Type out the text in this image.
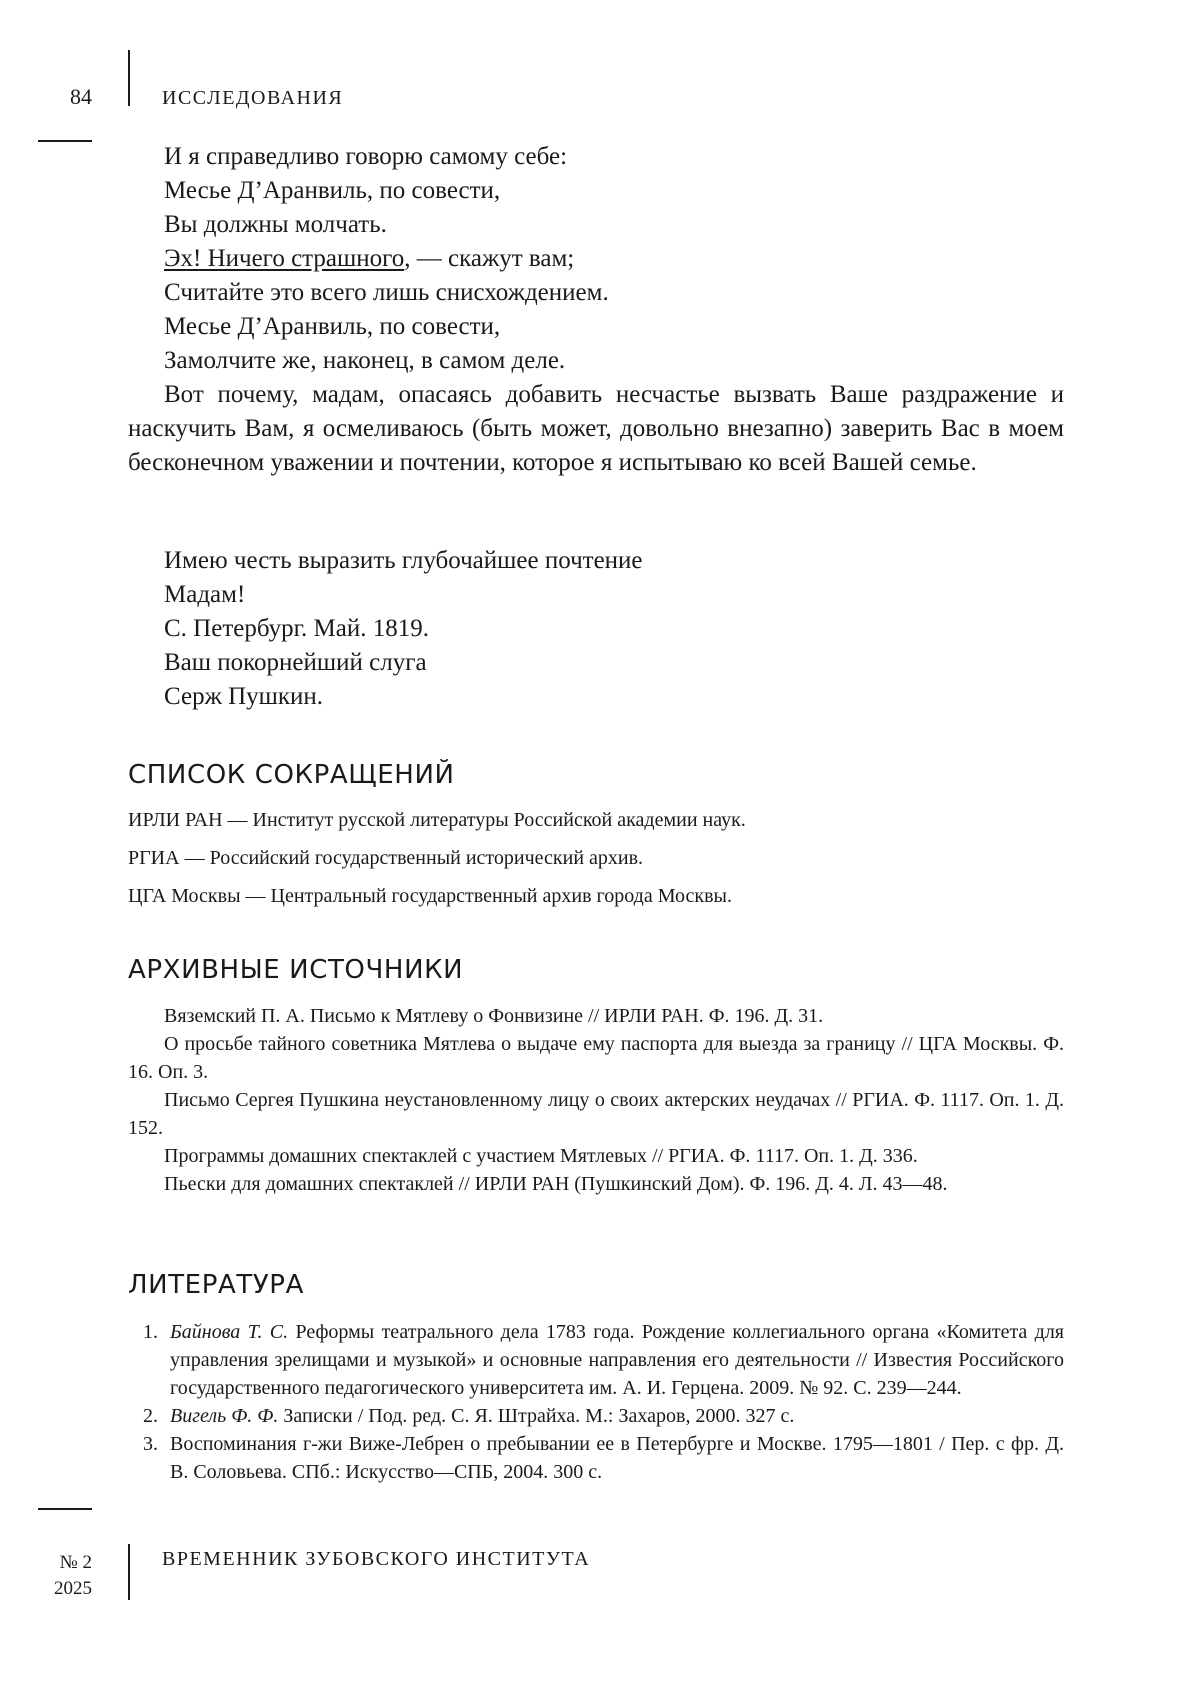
84	ИССЛЕДОВАНИЯ
И я справедливо говорю самому себе:
Месье Д’Аранвиль, по совести,
Вы должны молчать.
Эх! Ничего страшного, — скажут вам;
Считайте это всего лишь снисхождением.
Месье Д’Аранвиль, по совести,
Замолчите же, наконец, в самом деле.
Вот почему, мадам, опасаясь добавить несчастье вызвать Ваше раздражение и наскучить Вам, я осмеливаюсь (быть может, довольно внезапно) заверить Вас в моем бесконечном уважении и почтении, которое я испытываю ко всей Вашей семье.
Имею честь выразить глубочайшее почтение
Мадам!
С. Петербург. Май. 1819.
Ваш покорнейший слуга
Серж Пушкин.
СПИСОК СОКРАЩЕНИЙ
ИРЛИ РАН — Институт русской литературы Российской академии наук.
РГИА — Российский государственный исторический архив.
ЦГА Москвы — Центральный государственный архив города Москвы.
АРХИВНЫЕ ИСТОЧНИКИ
Вяземский П. А. Письмо к Мятлеву о Фонвизине // ИРЛИ РАН. Ф. 196. Д. 31.
О просьбе тайного советника Мятлева о выдаче ему паспорта для выезда за границу // ЦГА Москвы. Ф. 16. Оп. 3.
Письмо Сергея Пушкина неустановленному лицу о своих актерских неудачах // РГИА. Ф. 1117. Оп. 1. Д. 152.
Программы домашних спектаклей с участием Мятлевых // РГИА. Ф. 1117. Оп. 1. Д. 336.
Пьески для домашних спектаклей // ИРЛИ РАН (Пушкинский Дом). Ф. 196. Д. 4. Л. 43—48.
ЛИТЕРАТУРА
1. Байнова Т. С. Реформы театрального дела 1783 года. Рождение коллегиального органа «Комитета для управления зрелищами и музыкой» и основные направления его деятельности // Известия Российского государственного педагогического университета им. А. И. Герцена. 2009. № 92. С. 239—244.
2. Вигель Ф. Ф. Записки / Под. ред. С. Я. Штрайха. М.: Захаров, 2000. 327 с.
3. Воспоминания г-жи Виже-Лебрен о пребывании ее в Петербурге и Москве. 1795—1801 / Пер. с фр. Д. В. Соловьева. СПб.: Искусство—СПБ, 2004. 300 с.
№ 2
2025
ВРЕМЕННИК ЗУБОВСКОГО ИНСТИТУТА
